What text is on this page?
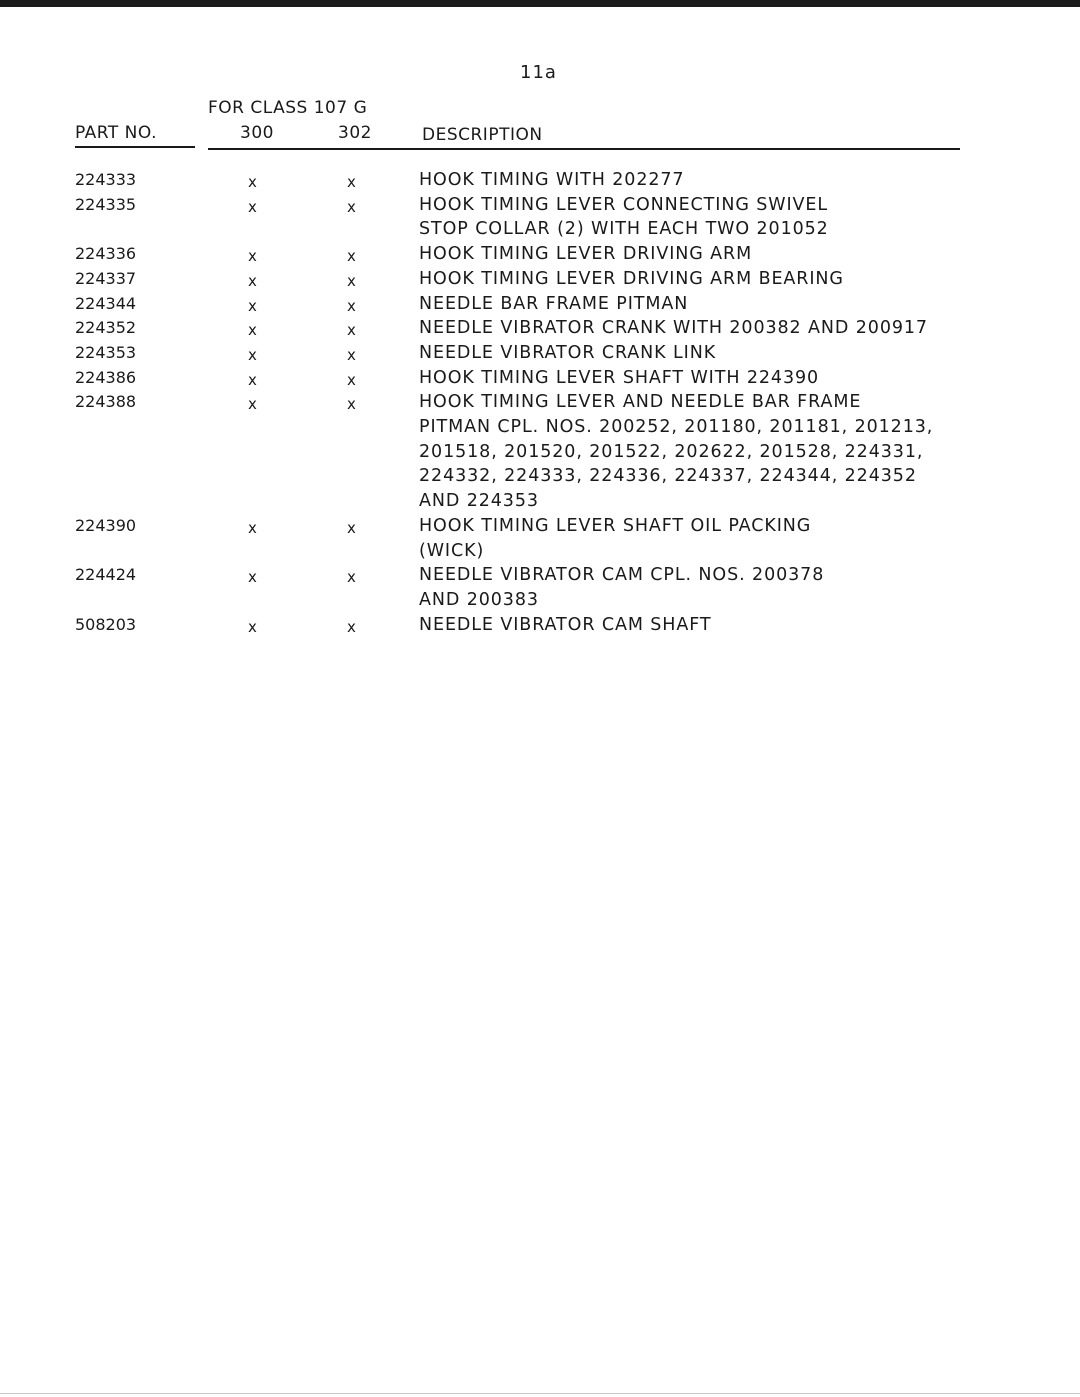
11a
FOR CLASS 107 G
PART NO.	300	302	DESCRIPTION
224333	x	x	HOOK TIMING WITH 202277
224335	x	x	HOOK TIMING LEVER CONNECTING SWIVEL
STOP COLLAR (2) WITH EACH TWO 201052
224336	x	x	HOOK TIMING LEVER DRIVING ARM
224337	x	x	HOOK TIMING LEVER DRIVING ARM BEARING
224344	x	x	NEEDLE BAR FRAME PITMAN
224352	x	x	NEEDLE VIBRATOR CRANK WITH 200382 AND 200917
224353	x	x	NEEDLE VIBRATOR CRANK LINK
224386	x	x	HOOK TIMING LEVER SHAFT WITH 224390
224388	x	x	HOOK TIMING LEVER AND NEEDLE BAR FRAME
PITMAN CPL. NOS. 200252, 201180, 201181, 201213,
201518, 201520, 201522, 202622, 201528, 224331,
224332, 224333, 224336, 224337, 224344, 224352
AND 224353
224390	x	x	HOOK TIMING LEVER SHAFT OIL PACKING
(WICK)
224424	x	x	NEEDLE VIBRATOR CAM CPL. NOS. 200378
AND 200383
508203	x	x	NEEDLE VIBRATOR CAM SHAFT
